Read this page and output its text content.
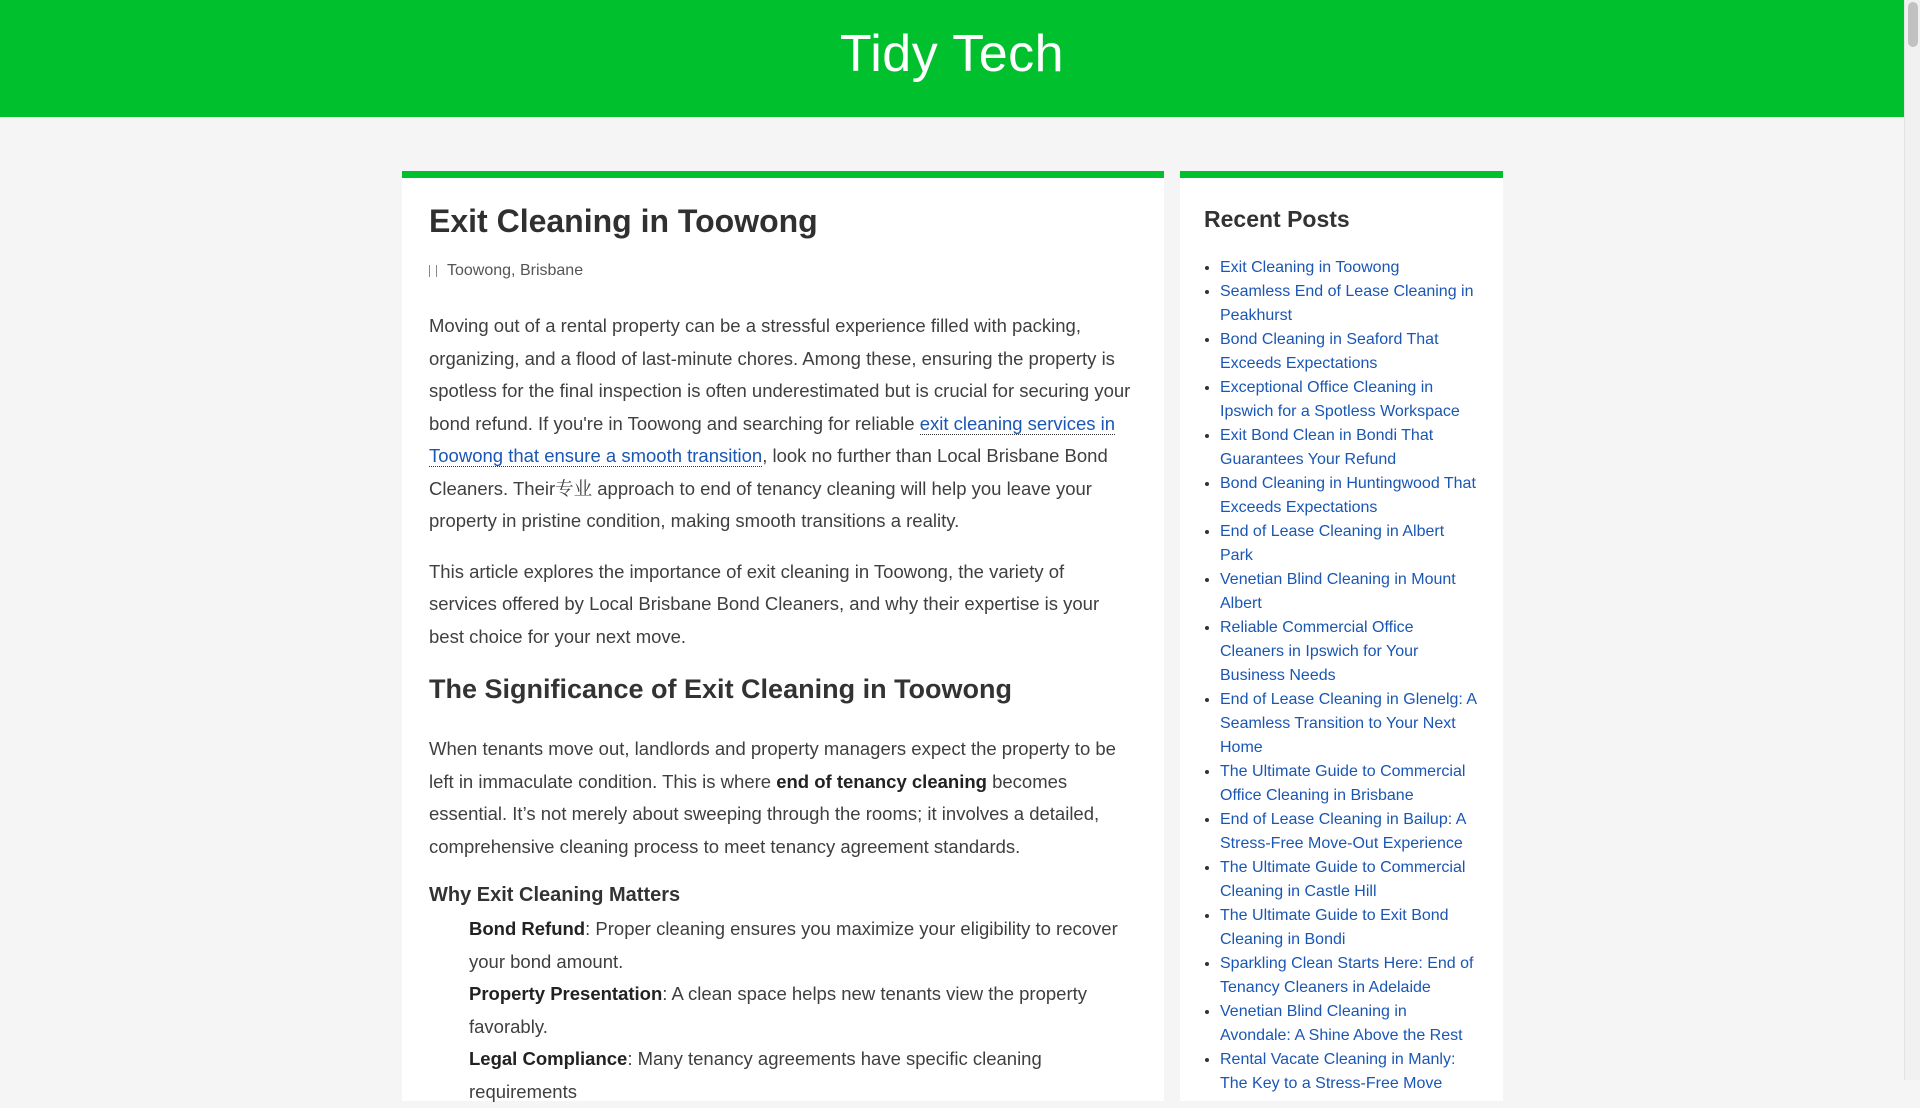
Tidy Tech
Exit Cleaning in Toowong
Toowong, Brisbane

Moving out of a rental property can be a stressful experience filled with packing, organizing, and a flood of last-minute chores. Among these, ensuring the property is spotless for the final inspection is often underestimated but is crucial for securing your bond refund. If you're in Toowong and searching for reliable exit cleaning services in Toowong that ensure a smooth transition, look no further than Local Brisbane Bond Cleaners. Their专业 approach to end of tenancy cleaning will help you leave your property in pristine condition, making smooth transitions a reality.

This article explores the importance of exit cleaning in Toowong, the variety of services offered by Local Brisbane Bond Cleaners, and why their expertise is your best choice for your next move.

The Significance of Exit Cleaning in Toowong

When tenants move out, landlords and property managers expect the property to be left in immaculate condition. This is where end of tenancy cleaning becomes essential. It’s not merely about sweeping through the rooms; it involves a detailed, comprehensive cleaning process to meet tenancy agreement standards.

Why Exit Cleaning Matters
Bond Refund: Proper cleaning ensures you maximize your eligibility to recover your bond amount.
Property Presentation: A clean space helps new tenants view the property favorably.
Legal Compliance: Many tenancy agreements have specific cleaning requirements
Recent Posts
• Exit Cleaning in Toowong
• Seamless End of Lease Cleaning in Peakhurst
• Bond Cleaning in Seaford That Exceeds Expectations
• Exceptional Office Cleaning in Ipswich for a Spotless Workspace
• Exit Bond Clean in Bondi That Guarantees Your Refund
• Bond Cleaning in Huntingwood That Exceeds Expectations
• End of Lease Cleaning in Albert Park
• Venetian Blind Cleaning in Mount Albert
• Reliable Commercial Office Cleaners in Ipswich for Your Business Needs
• End of Lease Cleaning in Glenelg: A Seamless Transition to Your Next Home
• The Ultimate Guide to Commercial Office Cleaning in Brisbane
• End of Lease Cleaning in Bailup: A Stress-Free Move-Out Experience
• The Ultimate Guide to Commercial Cleaning in Castle Hill
• The Ultimate Guide to Exit Bond Cleaning in Bondi
• Sparkling Clean Starts Here: End of Tenancy Cleaners in Adelaide
• Venetian Blind Cleaning in Avondale: A Shine Above the Rest
• Rental Vacate Cleaning in Manly: The Key to a Stress-Free Move
